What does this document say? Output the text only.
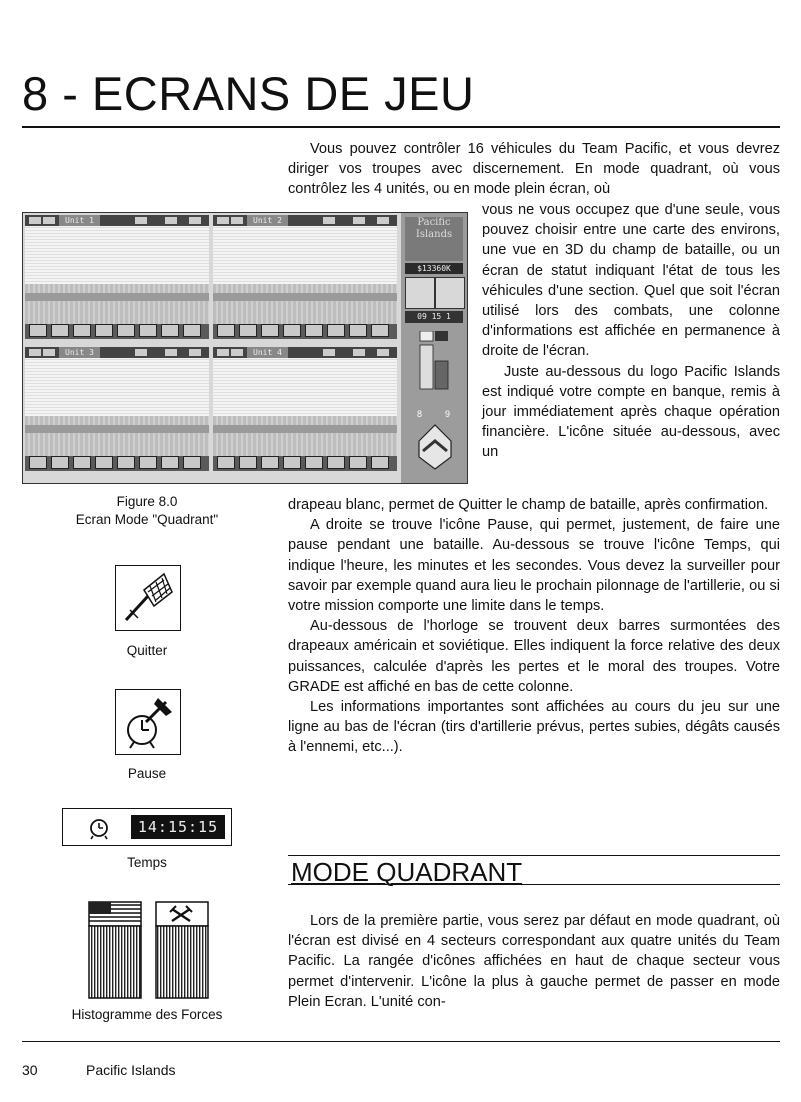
8 - ECRANS DE JEU

Vous pouvez contrôler 16 véhicules du Team Pacific, et vous devrez diriger vos troupes avec discernement. En mode quadrant, où vous contrôlez les 4 unités, ou en mode plein écran, où

Unit 1	Unit 2
Unit 3	Unit 4
Pacific Islands
$13360K
09 15 1
8	9

vous ne vous occupez que d'une seule, vous pouvez choisir entre une carte des environs, une vue en 3D du champ de bataille, ou un écran de statut indiquant l'état de tous les véhicules d'une section. Quel que soit l'écran utilisé lors des combats, une colonne d'informations est affichée en permanence à droite de l'écran.

Juste au-dessous du logo Pacific Islands est indiqué votre compte en banque, remis à jour immédiatement après chaque opération financière. L'icône située au-dessous, avec un

Figure 8.0
Ecran Mode "Quadrant"

drapeau blanc, permet de Quitter le champ de bataille, après confirmation.

A droite se trouve l'icône Pause, qui permet, justement, de faire une pause pendant une bataille. Au-dessous se trouve l'icône Temps, qui indique l'heure, les minutes et les secondes. Vous devez la surveiller pour savoir par exemple quand aura lieu le prochain pilonnage de l'artillerie, ou si votre mission comporte une limite dans le temps.

Au-dessous de l'horloge se trouvent deux barres surmontées des drapeaux américain et soviétique. Elles indiquent la force relative des deux puissances, calculée d'après les pertes et le moral des troupes. Votre GRADE est affiché en bas de cette colonne.

Les informations importantes sont affichées au cours du jeu sur une ligne au bas de l'écran (tirs d'artillerie prévus, pertes subies, dégâts causés à l'ennemi, etc...).

Quitter
Pause
14:15:15
Temps
Histogramme des Forces
MODE QUADRANT

Lors de la première partie, vous serez par défaut en mode quadrant, où l'écran est divisé en 4 secteurs correspondant aux quatre unités du Team Pacific. La rangée d'icônes affichées en haut de chaque secteur vous permet d'intervenir. L'icône la plus à gauche permet de passer en mode Plein Ecran. L'unité con-

30	Pacific Islands
